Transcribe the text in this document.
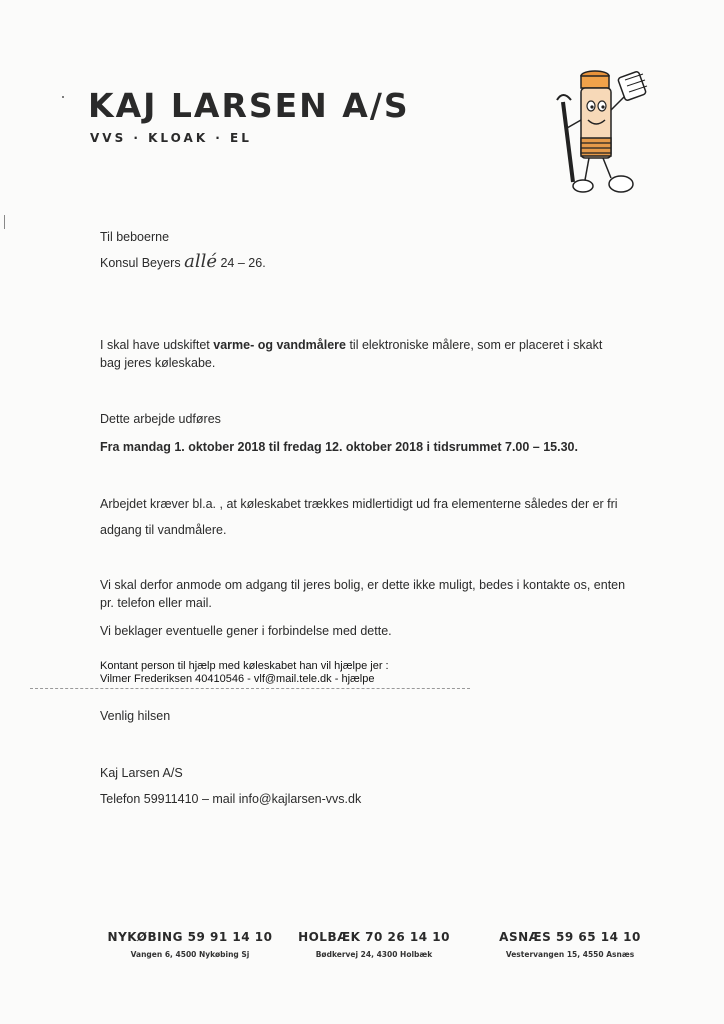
KAJ LARSEN A/S
VVS · KLOAK · EL
Til beboerne
Konsul Beyers allé 24 – 26.
I skal have udskiftet varme- og vandmålere til elektroniske målere, som er placeret i skakt bag jeres køleskabe.
Dette arbejde udføres
Fra mandag 1. oktober 2018 til fredag 12. oktober 2018 i tidsrummet 7.00 – 15.30.
Arbejdet kræver bl.a. , at køleskabet trækkes midlertidigt ud fra elementerne således der er fri
adgang til vandmålere.
Vi skal derfor anmode om adgang til jeres bolig, er dette ikke muligt, bedes i kontakte os, enten pr. telefon eller mail.
Vi beklager eventuelle gener i forbindelse med dette.
Kontant person til hjælp med køleskabet han vil hjælpe jer :
Vilmer Frederiksen 40410546 - vlf@mail.tele.dk - hjælpe
Venlig hilsen
Kaj Larsen A/S
Telefon 59911410 – mail info@kajlarsen-vvs.dk
NYKØBING 59 91 14 10
Vangen 6, 4500 Nykøbing Sj
HOLBÆK 70 26 14 10
Bødkervej 24, 4300 Holbæk
ASNÆS 59 65 14 10
Vestervangen 15, 4550 Asnæs
